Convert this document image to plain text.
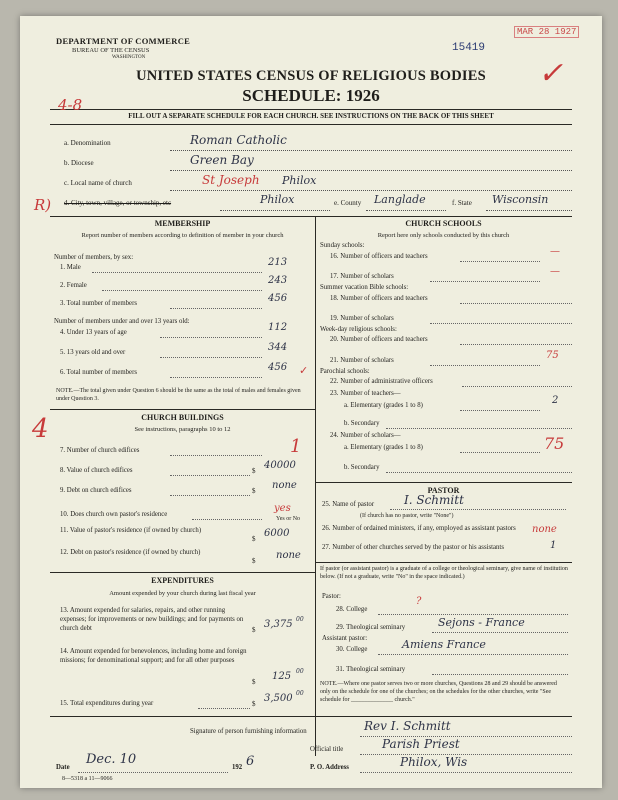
DEPARTMENT OF COMMERCE
BUREAU OF THE CENSUS
WASHINGTON
15419
MAR 28 1927
✓
UNITED STATES CENSUS OF RELIGIOUS BODIES
SCHEDULE: 1926
FILL OUT A SEPARATE SCHEDULE FOR EACH CHURCH. SEE INSTRUCTIONS ON THE BACK OF THIS SHEET
4-8
R)
4
a. Denomination	Roman Catholic
b. Diocese	Green Bay
c. Local name of church	St Joseph Philox
d. City, town, village, or township, etc	Philox	e. County Langlade	f. State Wisconsin
MEMBERSHIP
Report number of members according to definition of member in your church
Number of members, by sex:
1. Male	213
2. Female	243
3. Total number of members	456
Number of members under and over 13 years old:
4. Under 13 years of age	112
5. 13 years old and over	344
6. Total number of members	456 ✓
NOTE.—The total given under Question 6 should be the same as the total of males and females given under Question 3.
CHURCH BUILDINGS
See instructions, paragraphs 10 to 12
7. Number of church edifices	1
8. Value of church edifices	$ 40000
9. Debt on church edifices	$ none
10. Does church own pastor's residence
yes
Yes or No
11. Value of pastor's residence (if owned by church)
$ 6000
12. Debt on pastor's residence (if owned by church)
$ none
EXPENDITURES
Amount expended by your church during last fiscal year
13. Amount expended for salaries, repairs, and other running expenses; for improvements or new buildings; and for payments on church debt	$ 3,375 00
14. Amount expended for benevolences, including home and foreign missions; for denominational support; and for all other purposes
$ 125 00
15. Total expenditures during year	$ 3,500 00
CHURCH SCHOOLS
Report here only schools conducted by this church
Sunday schools:
16. Number of officers and teachers	—
17. Number of scholars	—
Summer vacation Bible schools:
18. Number of officers and teachers
19. Number of scholars
Week-day religious schools:
20. Number of officers and teachers
21. Number of scholars	75
Parochial schools:
22. Number of administrative officers
23. Number of teachers—
a. Elementary (grades 1 to 8)	2
b. Secondary
24. Number of scholars—
a. Elementary (grades 1 to 8)	75
b. Secondary
PASTOR
25. Name of pastor I. Schmitt
(If church has no pastor, write "None")
26. Number of ordained ministers, if any, employed as assistant pastors	none
27. Number of other churches served by the pastor or his assistants	1
If pastor (or assistant pastor) is a graduate of a college or theological seminary, give name of institution below. (If not a graduate, write "No" in the space indicated.)
Pastor:
28. College
?
29. Theological seminary	Sejons - France
Assistant pastor:
30. College	Amiens France
31. Theological seminary
NOTE.—Where one pastor serves two or more churches, Questions 28 and 29 should be answered only on the schedule for one of the churches; on the schedules for the other churches, write "See schedule for ______________ church."
Signature of person furnishing information	Rev I. Schmitt
Official title	Parish Priest
Date
Dec. 10
192 6	P. O. Address	Philox, Wis
8—5318 a 11—9066
